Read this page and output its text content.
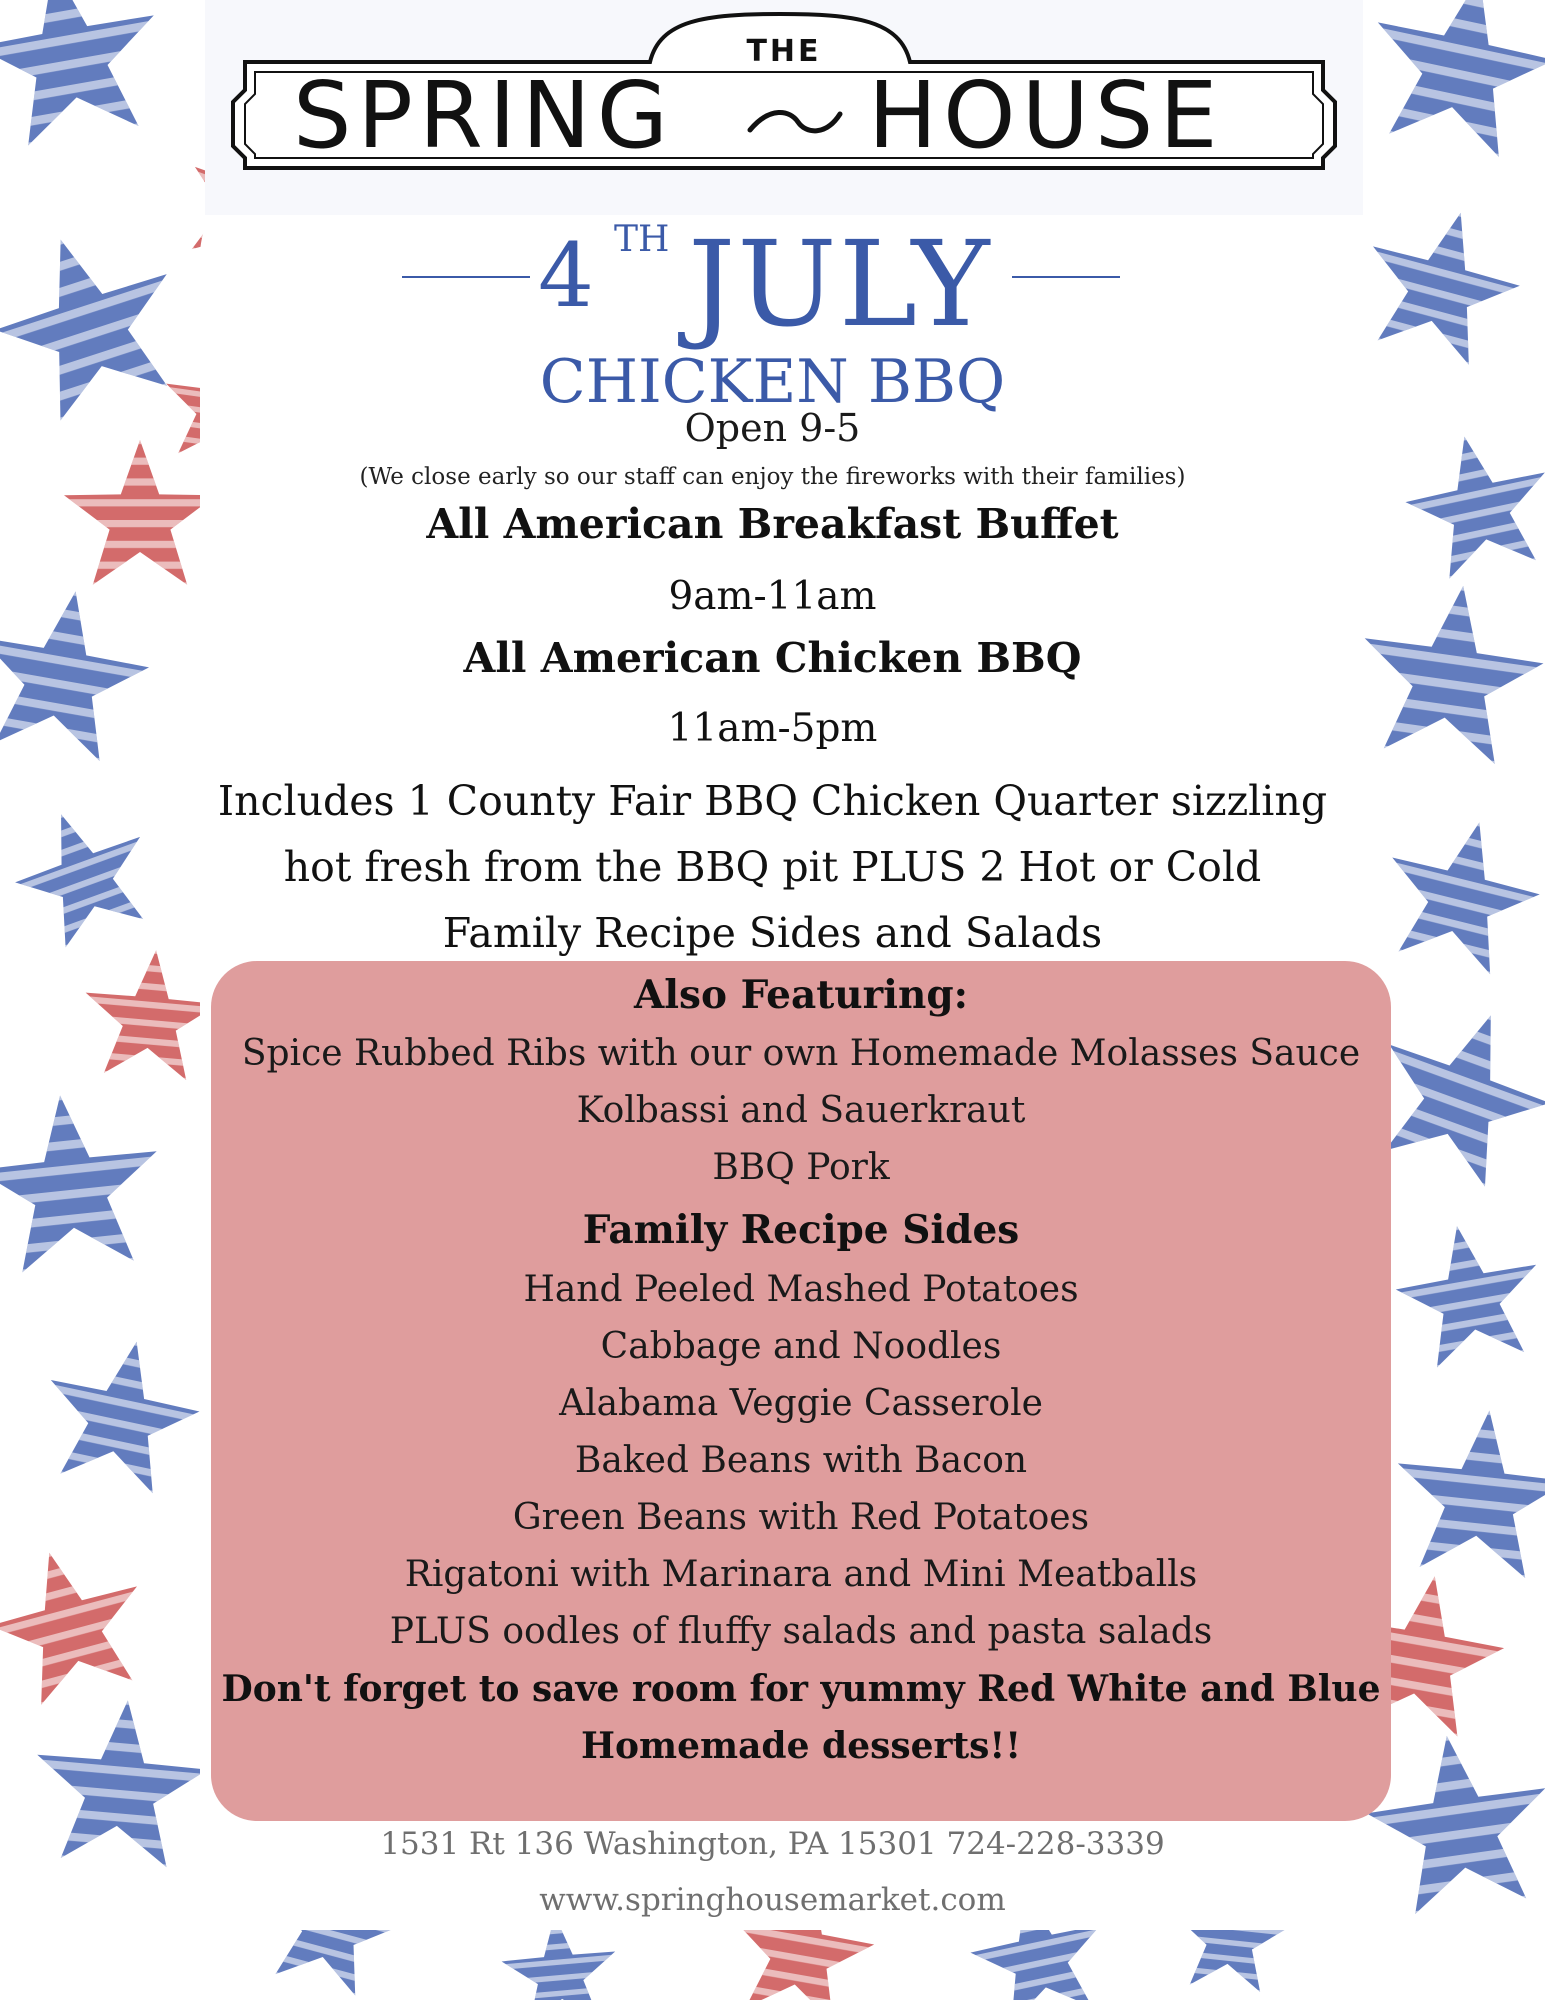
THE
SPRING HOUSE
4 TH JULY
CHICKEN BBQ
Open 9-5
(We close early so our staff can enjoy the fireworks with their families)
All American Breakfast Buffet
9am-11am
All American Chicken BBQ
11am-5pm
Includes 1 County Fair BBQ Chicken Quarter sizzling
hot fresh from the BBQ pit PLUS 2 Hot or Cold
Family Recipe Sides and Salads
Also Featuring:
Spice Rubbed Ribs with our own Homemade Molasses Sauce
Kolbassi and Sauerkraut
BBQ Pork
Family Recipe Sides
Hand Peeled Mashed Potatoes
Cabbage and Noodles
Alabama Veggie Casserole
Baked Beans with Bacon
Green Beans with Red Potatoes
Rigatoni with Marinara and Mini Meatballs
PLUS oodles of fluffy salads and pasta salads
Don't forget to save room for yummy Red White and Blue
Homemade desserts!!
1531 Rt 136 Washington, PA 15301 724-228-3339
www.springhousemarket.com
